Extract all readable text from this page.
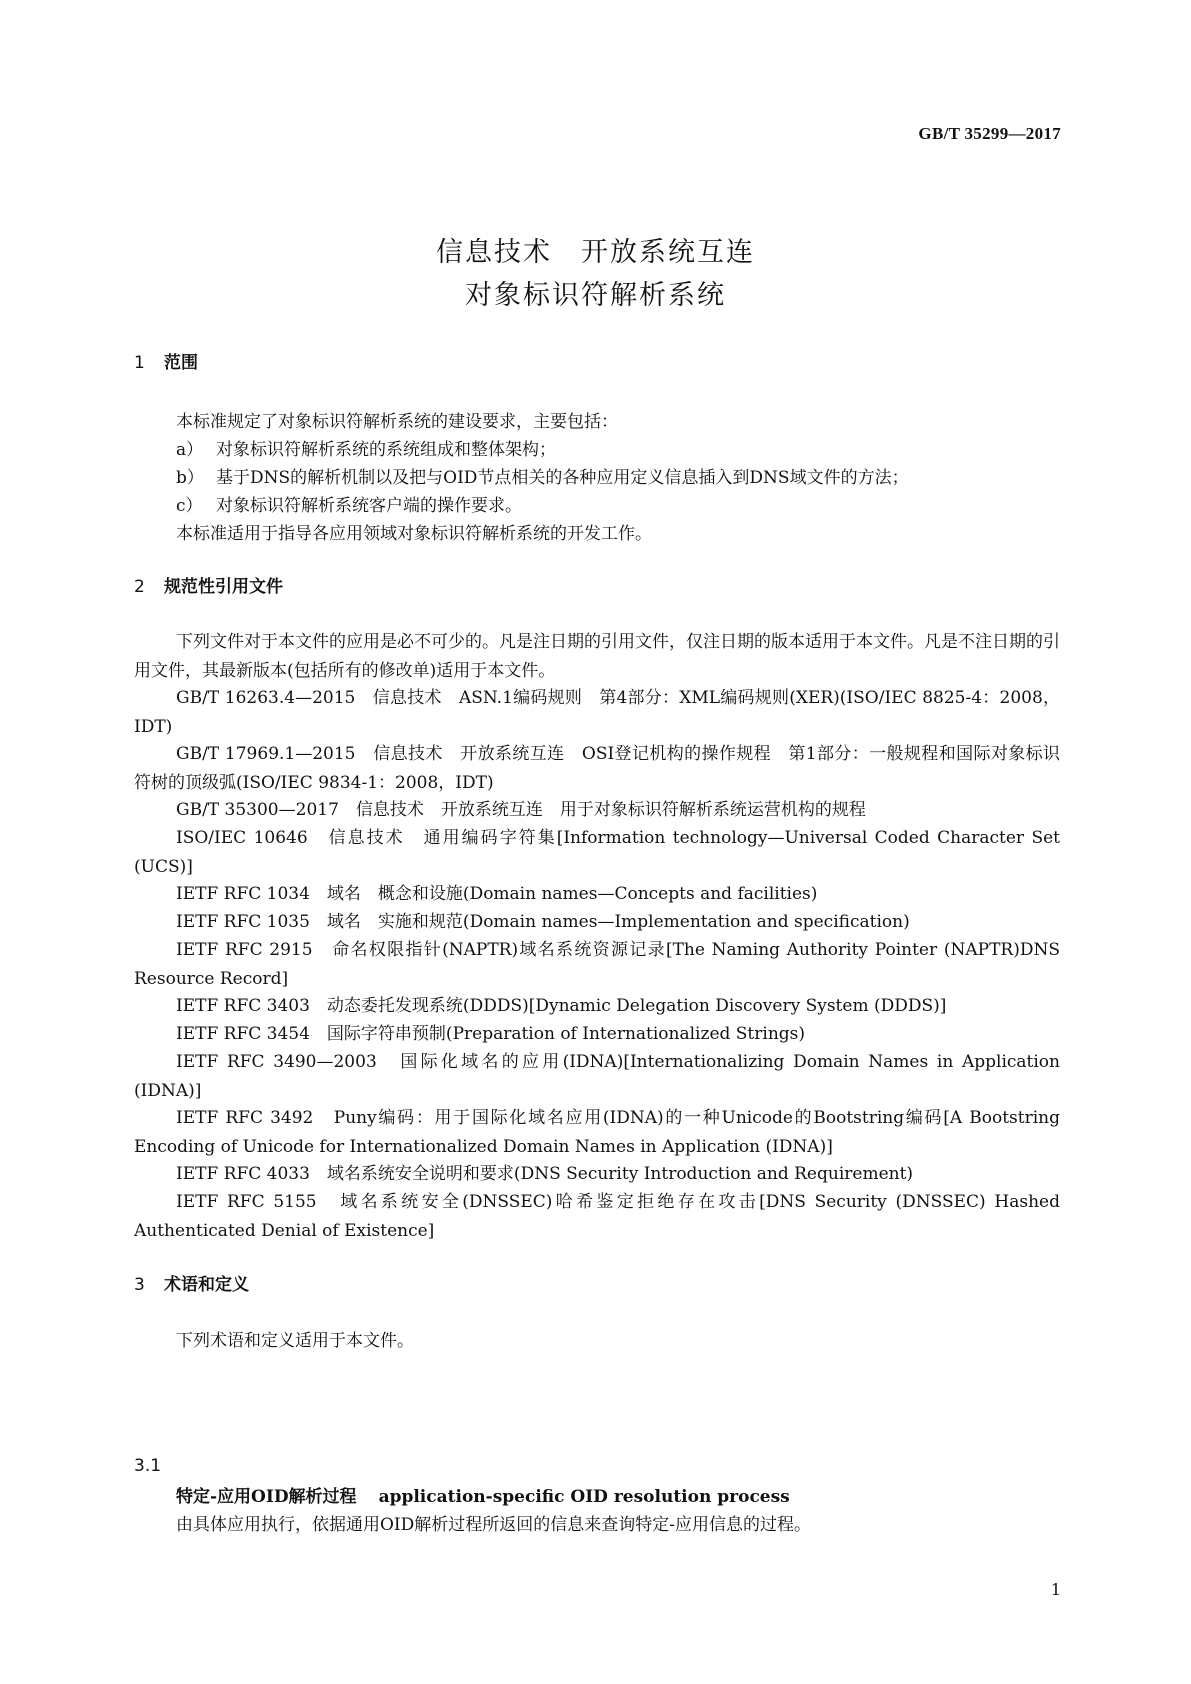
GB/T 35299—2017
信息技术　开放系统互连
对象标识符解析系统
1 范围
本标准规定了对象标识符解析系统的建设要求，主要包括：
a） 对象标识符解析系统的系统组成和整体架构；
b） 基于DNS的解析机制以及把与OID节点相关的各种应用定义信息插入到DNS域文件的方法；
c） 对象标识符解析系统客户端的操作要求。
本标准适用于指导各应用领域对象标识符解析系统的开发工作。
2 规范性引用文件
下列文件对于本文件的应用是必不可少的。凡是注日期的引用文件，仅注日期的版本适用于本文件。凡是不注日期的引用文件，其最新版本(包括所有的修改单)适用于本文件。
GB/T 16263.4—2015　信息技术　ASN.1编码规则　第4部分：XML编码规则(XER)(ISO/IEC 8825-4：2008，IDT)
GB/T 17969.1—2015　信息技术　开放系统互连　OSI登记机构的操作规程　第1部分：一般规程和国际对象标识符树的顶级弧(ISO/IEC 9834-1：2008，IDT)
GB/T 35300—2017　信息技术　开放系统互连　用于对象标识符解析系统运营机构的规程
ISO/IEC 10646　信息技术　通用编码字符集[Information technology—Universal Coded Character Set (UCS)]
IETF RFC 1034　域名　概念和设施(Domain names—Concepts and facilities)
IETF RFC 1035　域名　实施和规范(Domain names—Implementation and specification)
IETF RFC 2915　命名权限指针(NAPTR)域名系统资源记录[The Naming Authority Pointer (NAPTR)DNS Resource Record]
IETF RFC 3403　动态委托发现系统(DDDS)[Dynamic Delegation Discovery System (DDDS)]
IETF RFC 3454　国际字符串预制(Preparation of Internationalized Strings)
IETF RFC 3490—2003　国际化域名的应用(IDNA)[Internationalizing Domain Names in Application (IDNA)]
IETF RFC 3492　Puny编码：用于国际化域名应用(IDNA)的一种Unicode的Bootstring编码[A Bootstring Encoding of Unicode for Internationalized Domain Names in Application (IDNA)]
IETF RFC 4033　域名系统安全说明和要求(DNS Security Introduction and Requirement)
IETF RFC 5155　域名系统安全(DNSSEC)哈希鉴定拒绝存在攻击[DNS Security (DNSSEC) Hashed Authenticated Denial of Existence]
3 术语和定义
下列术语和定义适用于本文件。
3.1
特定-应用OID解析过程 application-specific OID resolution process
由具体应用执行，依据通用OID解析过程所返回的信息来查询特定-应用信息的过程。
1
